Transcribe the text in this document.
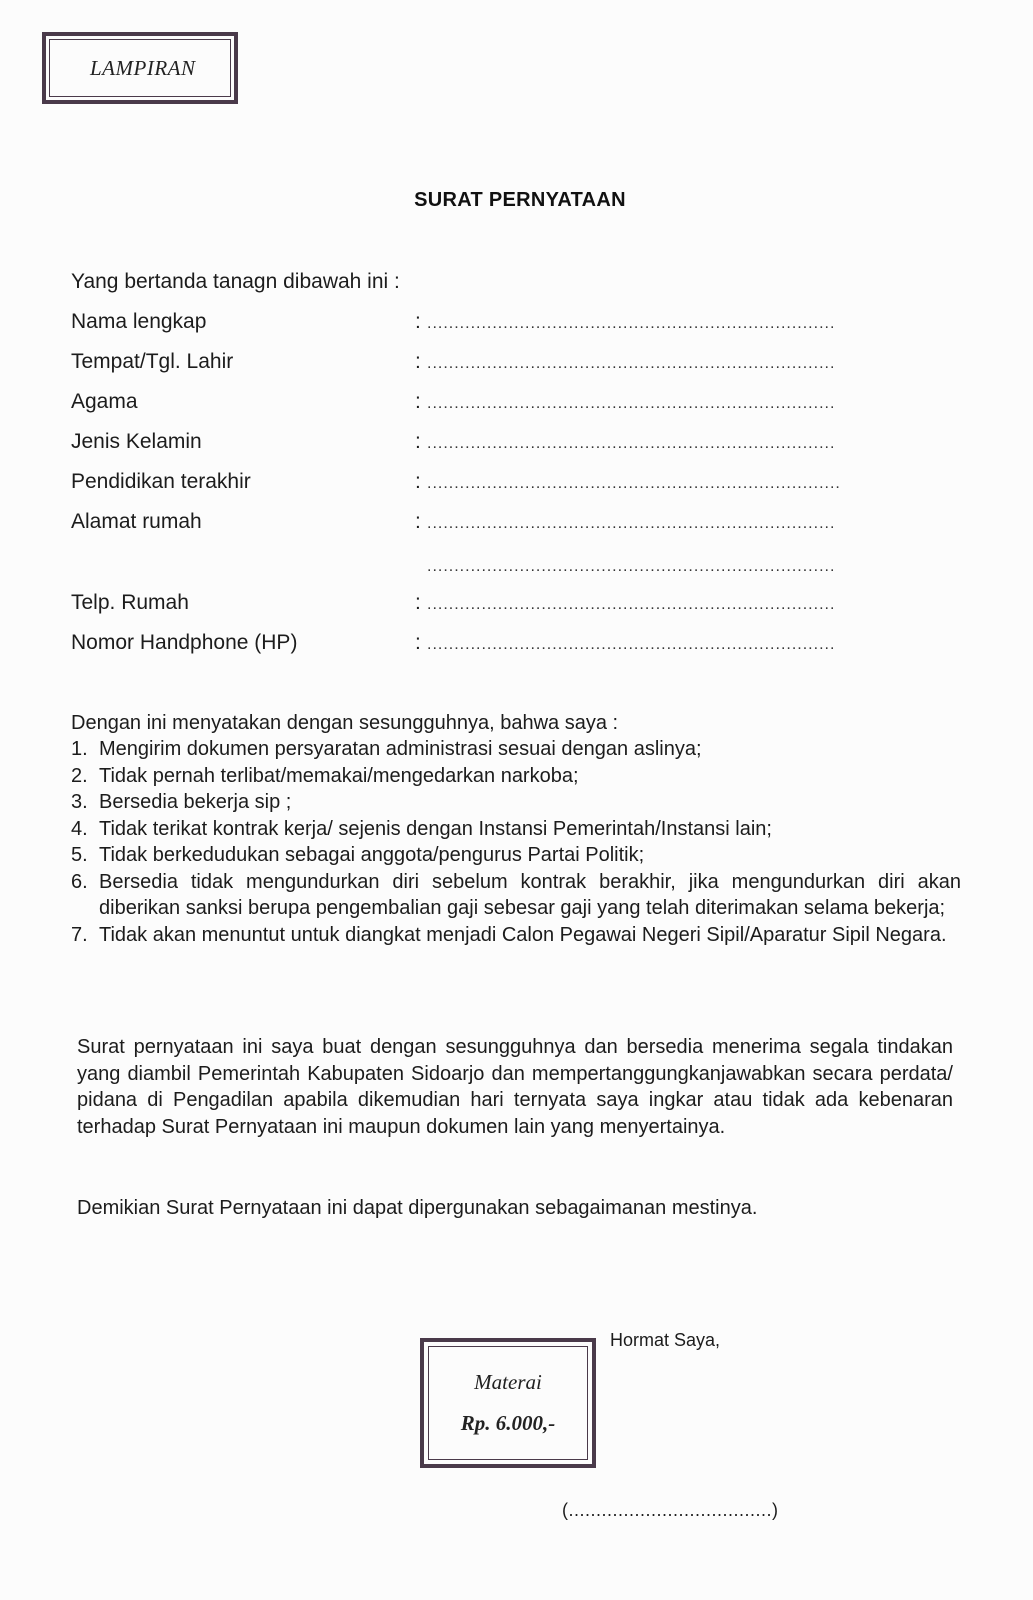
LAMPIRAN
SURAT PERNYATAAN
Yang bertanda tanagn dibawah ini :
Nama lengkap	: ...........................................................................
Tempat/Tgl. Lahir	: ...........................................................................
Agama	: ...........................................................................
Jenis Kelamin	: ...........................................................................
Pendidikan terakhir	: ............................................................................
Alamat rumah	: ...........................................................................
...........................................................................
Telp. Rumah	: ...........................................................................
Nomor Handphone (HP)	: ...........................................................................
Dengan ini menyatakan dengan sesungguhnya, bahwa saya :
1. Mengirim dokumen persyaratan administrasi sesuai dengan aslinya;
2. Tidak pernah terlibat/memakai/mengedarkan narkoba;
3. Bersedia bekerja sip ;
4. Tidak terikat kontrak kerja/ sejenis dengan Instansi Pemerintah/Instansi lain;
5. Tidak berkedudukan sebagai anggota/pengurus Partai Politik;
6. Bersedia tidak mengundurkan diri sebelum kontrak berakhir, jika mengundurkan diri akan diberikan sanksi berupa pengembalian gaji sebesar gaji yang telah diterimakan selama bekerja;
7. Tidak akan menuntut untuk diangkat menjadi Calon Pegawai Negeri Sipil/Aparatur Sipil Negara.
Surat pernyataan ini saya buat dengan sesungguhnya dan bersedia menerima segala tindakan yang diambil Pemerintah Kabupaten Sidoarjo dan mempertanggungkanjawabkan secara perdata/ pidana di Pengadilan apabila dikemudian hari ternyata saya ingkar atau tidak ada kebenaran terhadap Surat Pernyataan ini maupun dokumen lain yang menyertainya.
Demikian Surat Pernyataan ini dapat dipergunakan sebagaimanan mestinya.
Materai
Rp. 6.000,-
Hormat Saya,
(.....................................)
